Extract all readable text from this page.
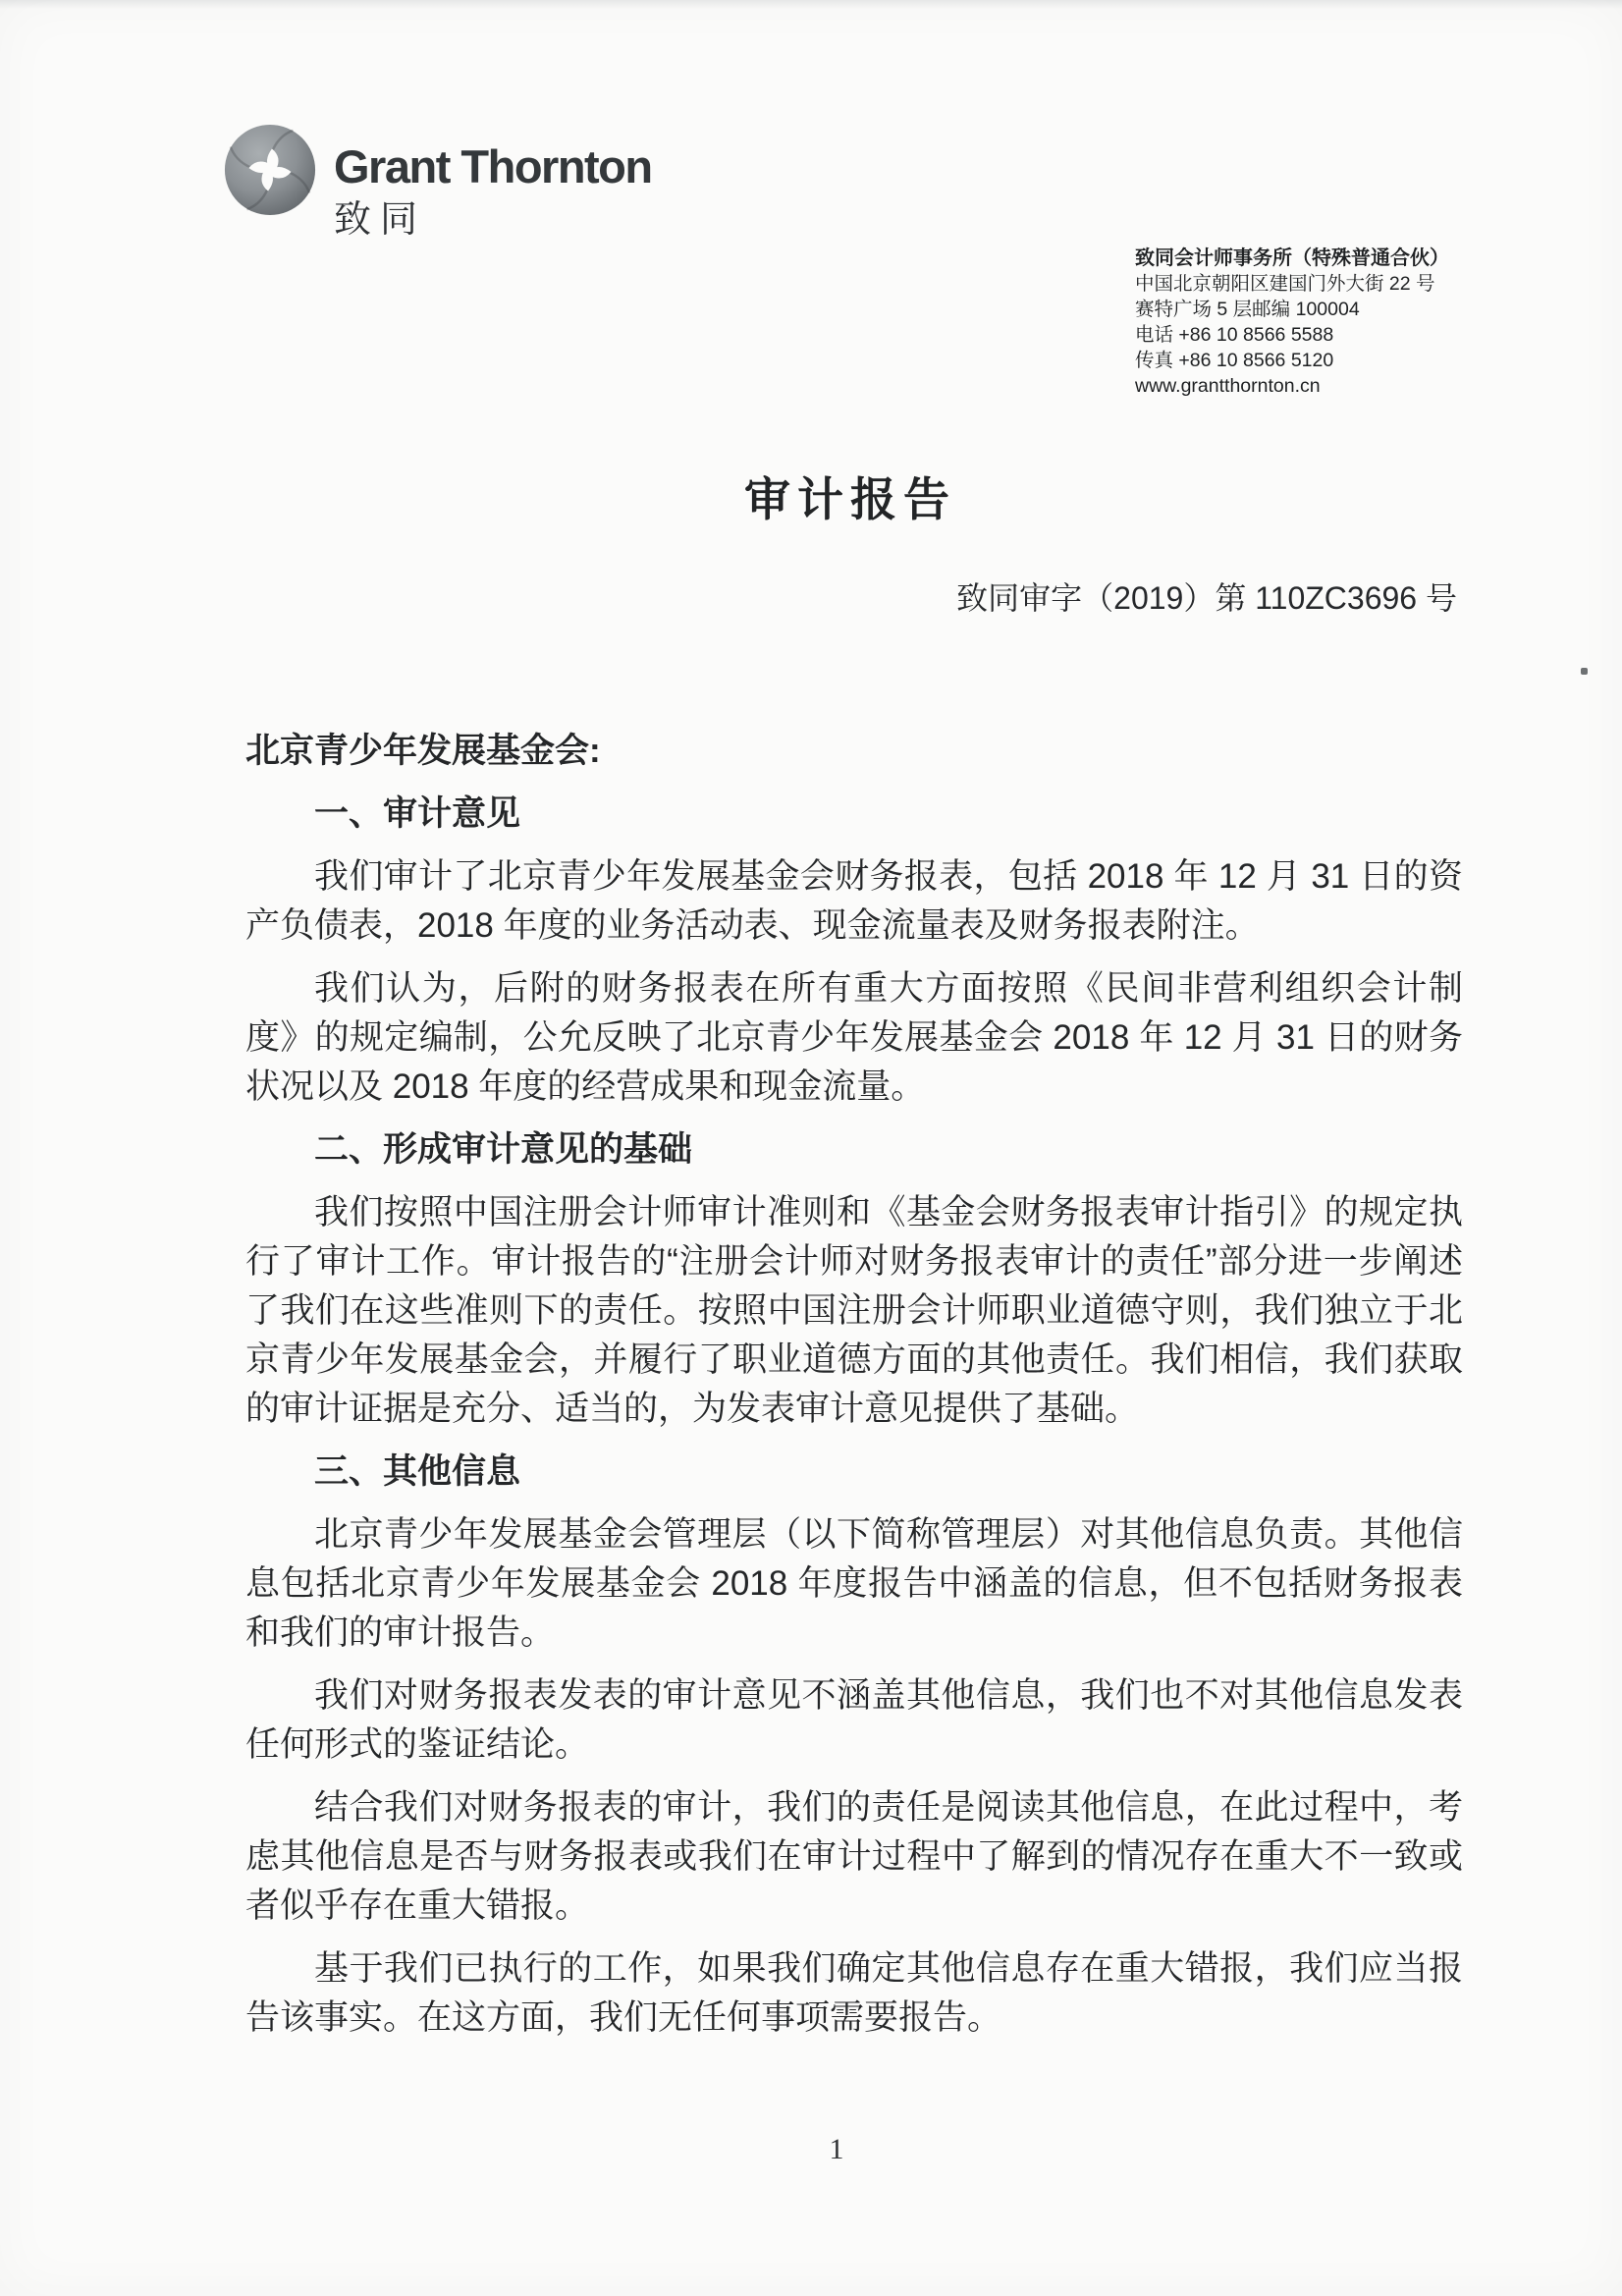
Grant Thornton
致同
致同会计师事务所（特殊普通合伙）
中国北京朝阳区建国门外大街 22 号
赛特广场 5 层邮编 100004
电话 +86 10 8566 5588
传真 +86 10 8566 5120
www.grantthornton.cn
审计报告
致同审字（2019）第 110ZC3696 号
北京青少年发展基金会:
一、审计意见

我们审计了北京青少年发展基金会财务报表，包括 2018 年 12 月 31 日的资产负债表，2018 年度的业务活动表、现金流量表及财务报表附注。

我们认为，后附的财务报表在所有重大方面按照《民间非营利组织会计制度》的规定编制，公允反映了北京青少年发展基金会 2018 年 12 月 31 日的财务状况以及 2018 年度的经营成果和现金流量。

二、形成审计意见的基础

我们按照中国注册会计师审计准则和《基金会财务报表审计指引》的规定执行了审计工作。审计报告的“注册会计师对财务报表审计的责任”部分进一步阐述了我们在这些准则下的责任。按照中国注册会计师职业道德守则，我们独立于北京青少年发展基金会，并履行了职业道德方面的其他责任。我们相信，我们获取的审计证据是充分、适当的，为发表审计意见提供了基础。

三、其他信息

北京青少年发展基金会管理层（以下简称管理层）对其他信息负责。其他信息包括北京青少年发展基金会 2018 年度报告中涵盖的信息，但不包括财务报表和我们的审计报告。

我们对财务报表发表的审计意见不涵盖其他信息，我们也不对其他信息发表任何形式的鉴证结论。

结合我们对财务报表的审计，我们的责任是阅读其他信息，在此过程中，考虑其他信息是否与财务报表或我们在审计过程中了解到的情况存在重大不一致或者似乎存在重大错报。

基于我们已执行的工作，如果我们确定其他信息存在重大错报，我们应当报告该事实。在这方面，我们无任何事项需要报告。

1
